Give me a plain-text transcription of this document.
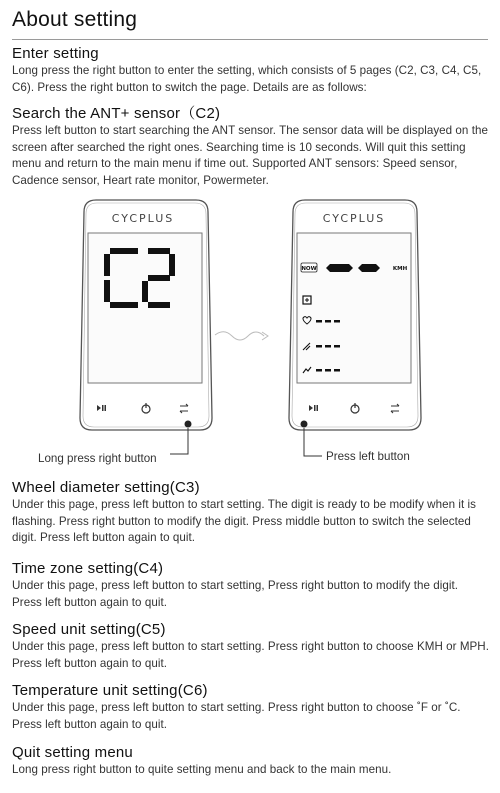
About setting
Enter setting

Long press the right button to enter the setting, which consists of 5 pages (C2, C3, C4, C5, C6). Press the right button to switch the page. Details are as follows:

Search the ANT+ sensor（C2)

Press left button to start searching the ANT sensor. The sensor data will be displayed on the screen after searched the right ones. Searching time is 10 seconds. Will quit this setting menu and return to the main menu if time out. Supported ANT sensors: Speed sensor, Cadence sensor, Heart rate monitor, Powermeter.

CYCPLUS	CYCPLUS
NOW	KMH
Long press right button	Press left button
Wheel diameter setting(C3)

Under this page, press left button to start setting. The digit is ready to be modify when it is flashing. Press right button to modify the digit. Press middle button to switch the selected digit. Press left button again to quit.

Time zone setting(C4)

Under this page, press left button to start setting, Press right button to modify the digit. Press left button again to quit.

Speed unit setting(C5)

Under this page, press left button to start setting. Press right button to choose KMH or MPH. Press left button again to quit.

Temperature unit setting(C6)

Under this page, press left button to start setting. Press right button to choose ˚F or ˚C. Press left button again to quit.

Quit setting menu

Long press right button to quite setting menu and back to the main menu.
